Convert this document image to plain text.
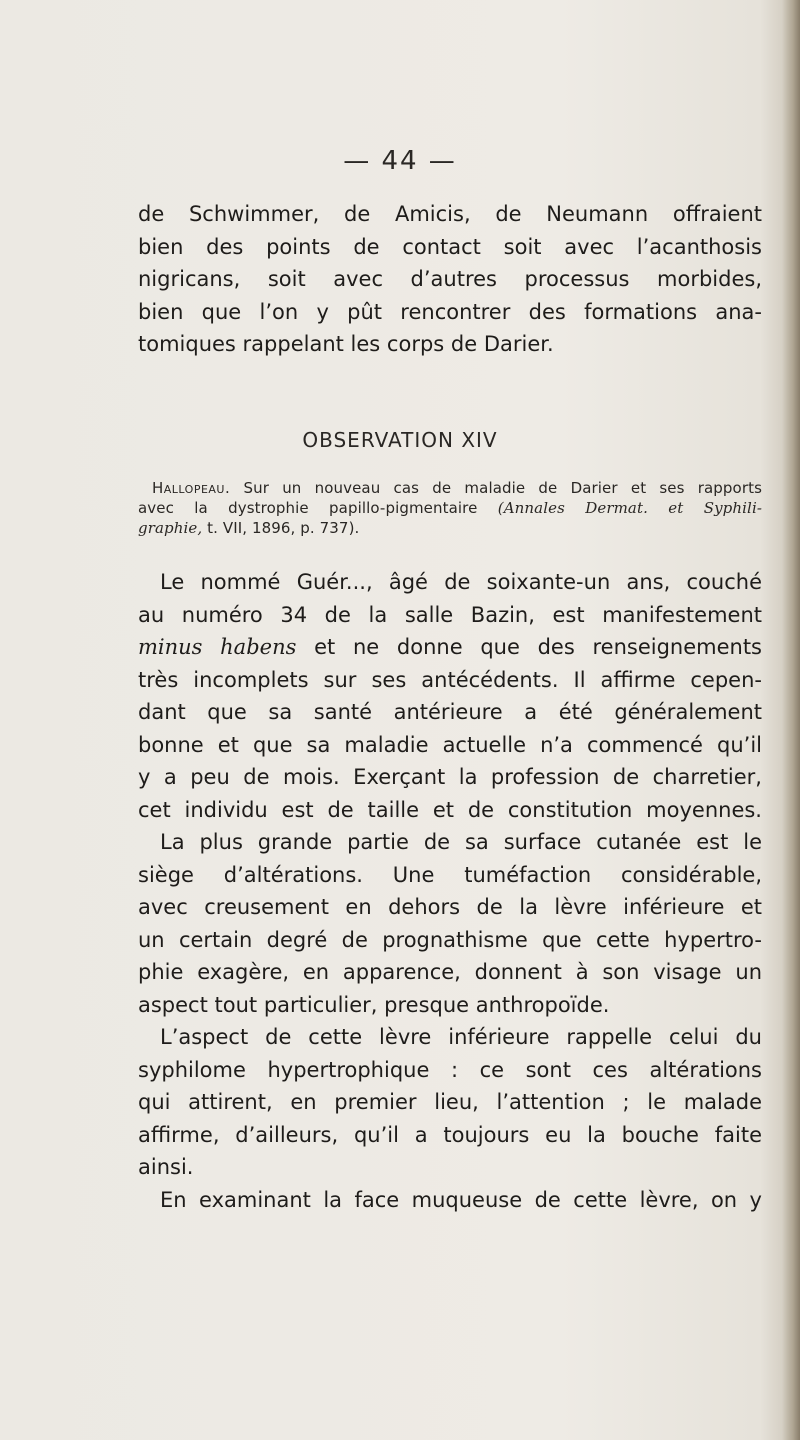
— 44 —

de Schwimmer, de Amicis, de Neumann offraient
bien des points de contact soit avec l’acanthosis
nigricans, soit avec d’autres processus morbides,
bien que l’on y pût rencontrer des formations ana-
tomiques rappelant les corps de Darier.

OBSERVATION XIV
Hallopeau. Sur un nouveau cas de maladie de Darier et ses rapports
avec la dystrophie papillo-pigmentaire (Annales Dermat. et Syphili-
graphie, t. VII, 1896, p. 737).

Le nommé Guér..., âgé de soixante-un ans, couché
au numéro 34 de la salle Bazin, est manifestement
minus habens et ne donne que des renseignements
très incomplets sur ses antécédents. Il affirme cepen-
dant que sa santé antérieure a été généralement
bonne et que sa maladie actuelle n’a commencé qu’il
y a peu de mois. Exerçant la profession de charretier,
cet individu est de taille et de constitution moyennes.
La plus grande partie de sa surface cutanée est le
siège d’altérations. Une tuméfaction considérable,
avec creusement en dehors de la lèvre inférieure et
un certain degré de prognathisme que cette hypertro-
phie exagère, en apparence, donnent à son visage un
aspect tout particulier, presque anthropoïde.
L’aspect de cette lèvre inférieure rappelle celui du
syphilome hypertrophique : ce sont ces altérations
qui attirent, en premier lieu, l’attention ; le malade
affirme, d’ailleurs, qu’il a toujours eu la bouche faite
ainsi.
En examinant la face muqueuse de cette lèvre, on y
